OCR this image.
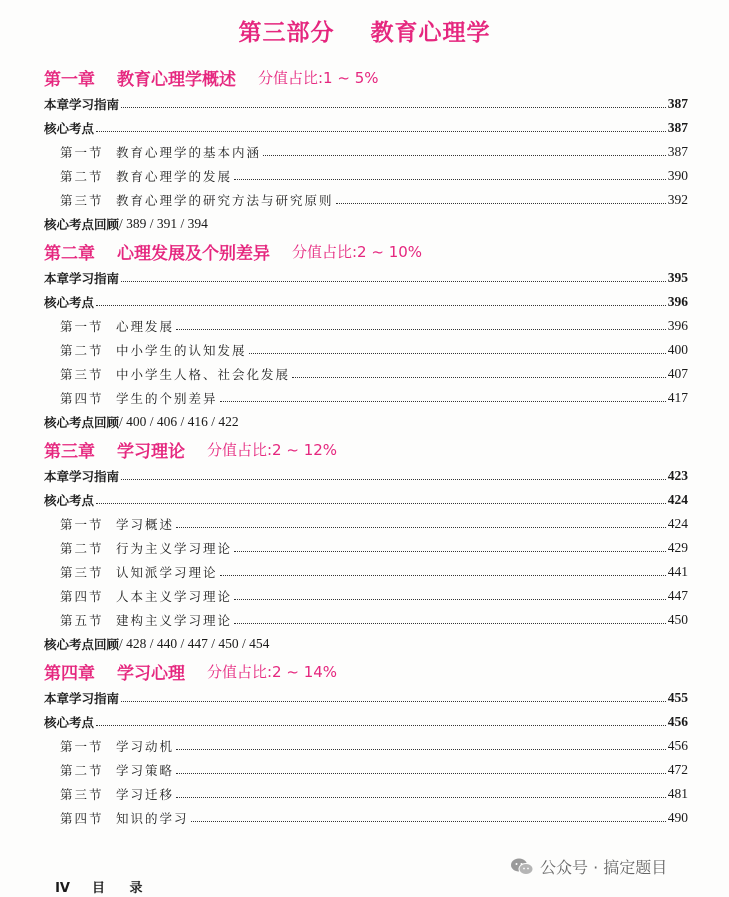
第三部分    教育心理学
第一章 教育心理学概述 分值占比:1 ~ 5%
本章学习指南	387
核心考点	387
第一节 教育心理学的基本内涵	387
第二节 教育心理学的发展	390
第三节 教育心理学的研究方法与研究原则	392
核心考点回顾 / 389 / 391 / 394
第二章 心理发展及个别差异 分值占比:2 ~ 10%
本章学习指南	395
核心考点	396
第一节 心理发展	396
第二节 中小学生的认知发展	400
第三节 中小学生人格、社会化发展	407
第四节 学生的个别差异	417
核心考点回顾 / 400 / 406 / 416 / 422
第三章 学习理论 分值占比:2 ~ 12%
本章学习指南	423
核心考点	424
第一节 学习概述	424
第二节 行为主义学习理论	429
第三节 认知派学习理论	441
第四节 人本主义学习理论	447
第五节 建构主义学习理论	450
核心考点回顾 / 428 / 440 / 447 / 450 / 454
第四章 学习心理 分值占比:2 ~ 14%
本章学习指南	455
核心考点	456
第一节 学习动机	456
第二节 学习策略	472
第三节 学习迁移	481
第四节 知识的学习	490

IV 目 录

公众号 · 搞定题目
